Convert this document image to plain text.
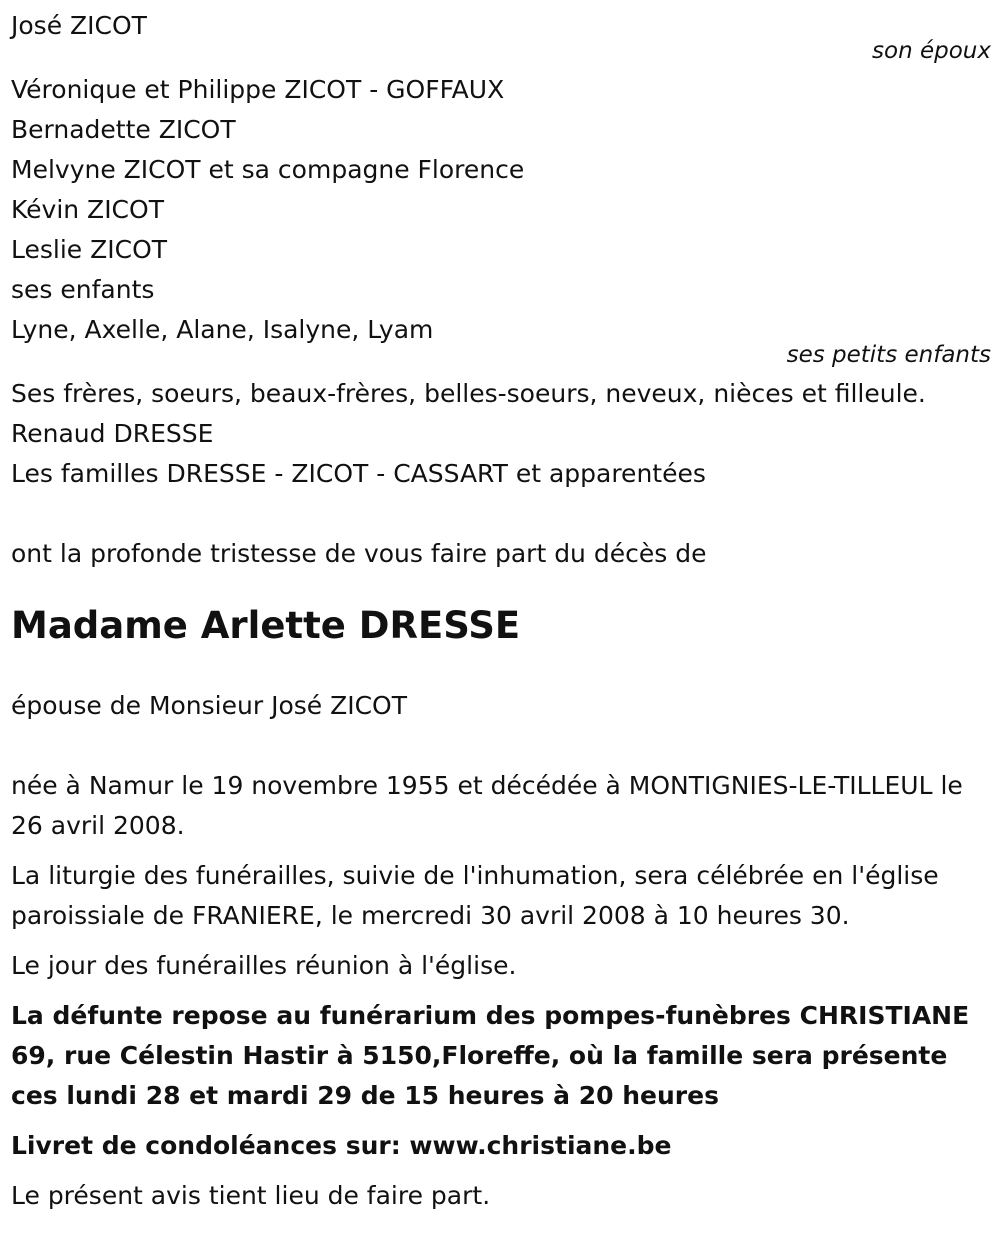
José ZICOT
son époux
Véronique et Philippe ZICOT - GOFFAUX
Bernadette ZICOT
Melvyne ZICOT et sa compagne Florence
Kévin ZICOT
Leslie ZICOT
ses enfants
Lyne, Axelle, Alane, Isalyne, Lyam
ses petits enfants
Ses frères, soeurs, beaux-frères, belles-soeurs, neveux, nièces et filleule.
Renaud DRESSE
Les familles DRESSE - ZICOT - CASSART et apparentées
ont la profonde tristesse de vous faire part du décès de
Madame Arlette DRESSE
épouse de Monsieur José ZICOT
née à Namur le 19 novembre 1955 et décédée à MONTIGNIES-LE-TILLEUL le 26 avril 2008.
La liturgie des funérailles, suivie de l'inhumation, sera célébrée en l'église paroissiale de FRANIERE, le mercredi 30 avril 2008 à 10 heures 30.
Le jour des funérailles réunion à l'église.
La défunte repose au funérarium des pompes-funèbres CHRISTIANE 69, rue Célestin Hastir à 5150,Floreffe, où la famille sera présente ces lundi 28 et mardi 29 de 15 heures à 20 heures
Livret de condoléances sur: www.christiane.be
Le présent avis tient lieu de faire part.
